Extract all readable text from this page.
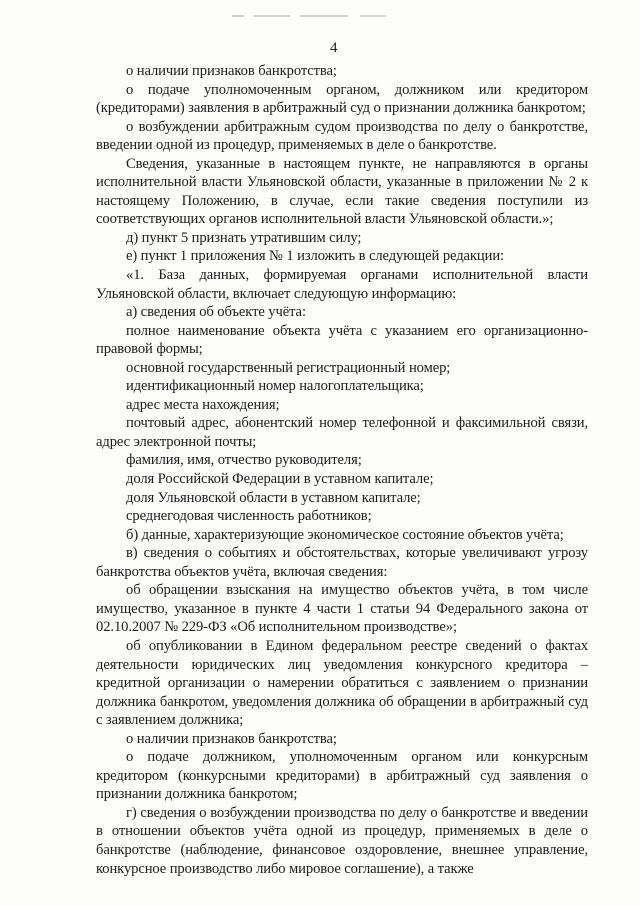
4

о наличии признаков банкротства;

о подаче уполномоченным органом, должником или кредитором (кредиторами) заявления в арбитражный суд о признании должника банкротом;

о возбуждении арбитражным судом производства по делу о банкротстве, введении одной из процедур, применяемых в деле о банкротстве.

Сведения, указанные в настоящем пункте, не направляются в органы исполнительной власти Ульяновской области, указанные в приложении № 2 к настоящему Положению, в случае, если такие сведения поступили из соответствующих органов исполнительной власти Ульяновской области.»;

д) пункт 5 признать утратившим силу;

е) пункт 1 приложения № 1 изложить в следующей редакции:

«1. База данных, формируемая органами исполнительной власти Ульяновской области, включает следующую информацию:

а) сведения об объекте учёта:

полное наименование объекта учёта с указанием его организационно-правовой формы;

основной государственный регистрационный номер;

идентификационный номер налогоплательщика;

адрес места нахождения;

почтовый адрес, абонентский номер телефонной и факсимильной связи, адрес электронной почты;

фамилия, имя, отчество руководителя;

доля Российской Федерации в уставном капитале;

доля Ульяновской области в уставном капитале;

среднегодовая численность работников;

б) данные, характеризующие экономическое состояние объектов учёта;

в) сведения о событиях и обстоятельствах, которые увеличивают угрозу банкротства объектов учёта, включая сведения:

об обращении взыскания на имущество объектов учёта, в том числе имущество, указанное в пункте 4 части 1 статьи 94 Федерального закона от 02.10.2007 № 229-ФЗ «Об исполнительном производстве»;

об опубликовании в Едином федеральном реестре сведений о фактах деятельности юридических лиц уведомления конкурсного кредитора – кредитной организации о намерении обратиться с заявлением о признании должника банкротом, уведомления должника об обращении в арбитражный суд с заявлением должника;

о наличии признаков банкротства;

о подаче должником, уполномоченным органом или конкурсным кредитором (конкурсными кредиторами) в арбитражный суд заявления о признании должника банкротом;

г) сведения о возбуждении производства по делу о банкротстве и введении в отношении объектов учёта одной из процедур, применяемых в деле о банкротстве (наблюдение, финансовое оздоровление, внешнее управление, конкурсное производство либо мировое соглашение), а также
